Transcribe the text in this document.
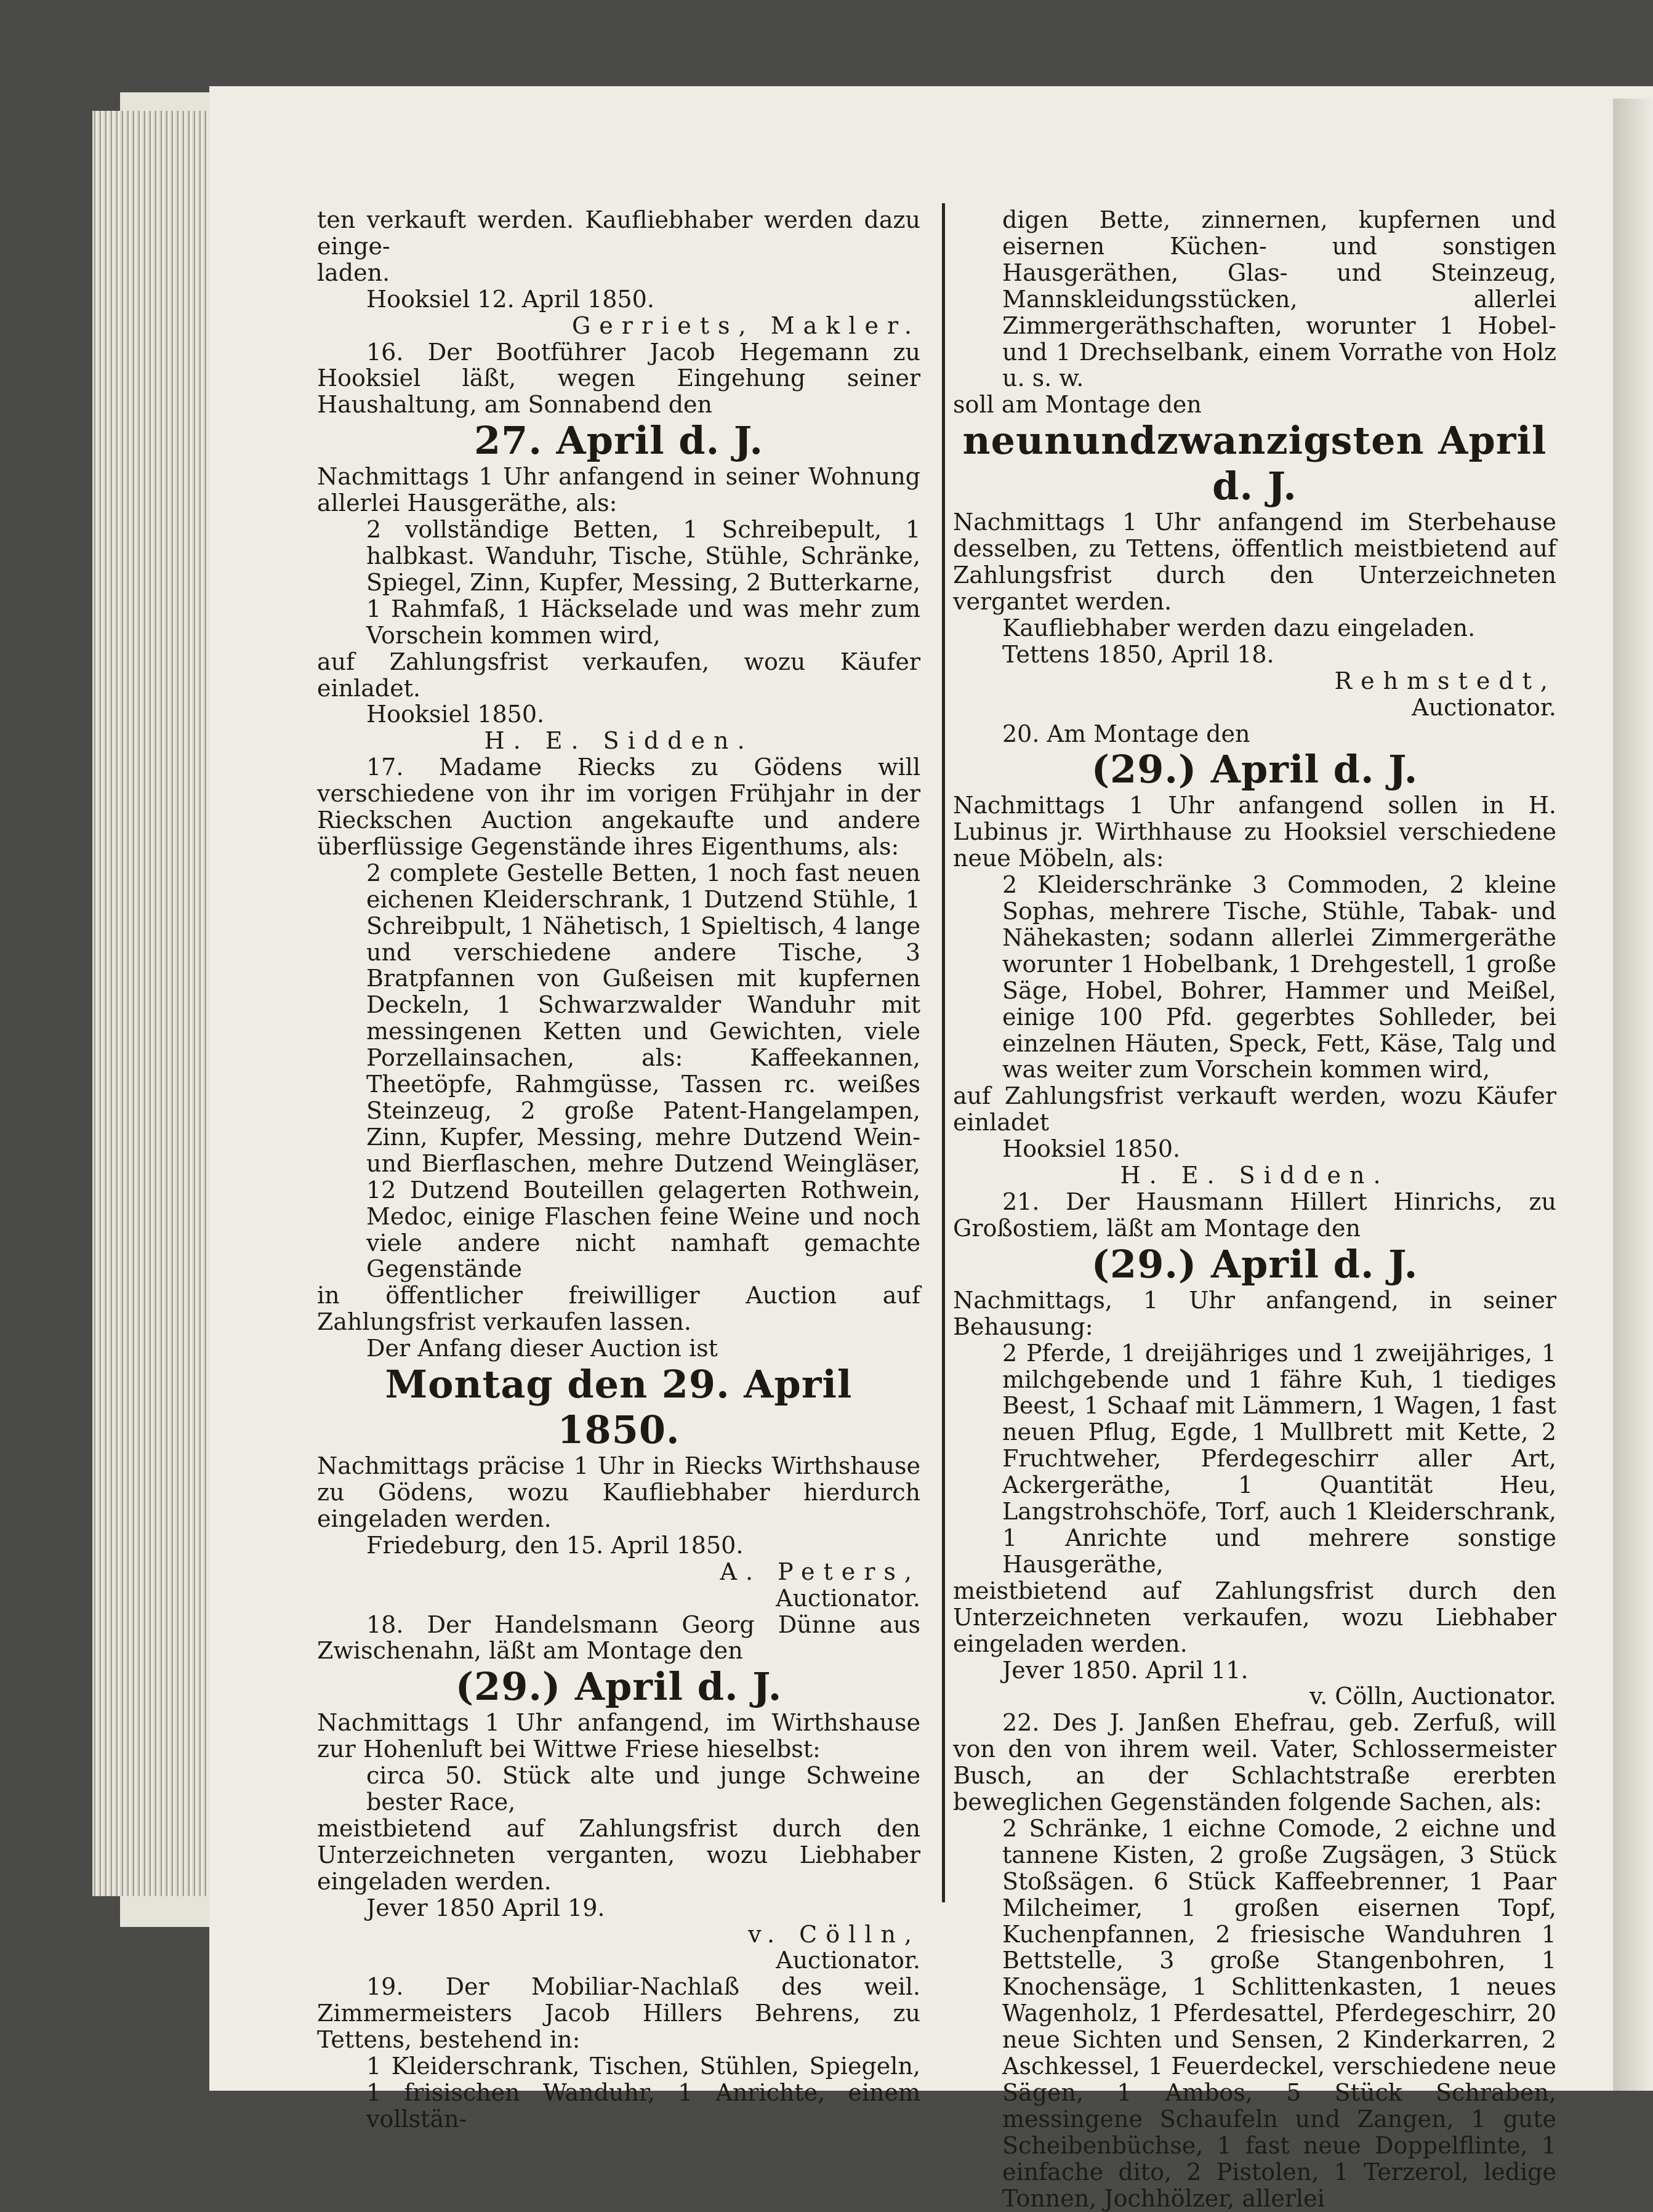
ten verkauft werden. Kaufliebhaber werden dazu einge-

laden.

Hooksiel 12. April 1850.

Gerriets, Makler.

16. Der Bootführer Jacob Hegemann zu Hooksiel läßt, wegen Eingehung seiner Haushaltung, am Sonnabend den

27. April d. J.

Nachmittags 1 Uhr anfangend in seiner Wohnung allerlei Hausgeräthe, als:

2 vollständige Betten, 1 Schreibepult, 1 halbkast. Wanduhr, Tische, Stühle, Schränke, Spiegel, Zinn, Kupfer, Messing, 2 Butterkarne, 1 Rahmfaß, 1 Häckselade und was mehr zum Vorschein kommen wird,

auf Zahlungsfrist verkaufen, wozu Käufer einladet.

Hooksiel 1850.

H. E. Sidden.

17. Madame Riecks zu Gödens will verschiedene von ihr im vorigen Frühjahr in der Rieckschen Auction angekaufte und andere überflüssige Gegenstände ihres Eigenthums, als:

2 complete Gestelle Betten, 1 noch fast neuen eichenen Kleiderschrank, 1 Dutzend Stühle, 1 Schreibpult, 1 Nähetisch, 1 Spieltisch, 4 lange und verschiedene andere Tische, 3 Bratpfannen von Gußeisen mit kupfernen Deckeln, 1 Schwarzwalder Wanduhr mit messingenen Ketten und Gewichten, viele Porzellainsachen, als: Kaffeekannen, Theetöpfe, Rahmgüsse, Tassen rc. weißes Steinzeug, 2 große Patent-Hangelampen, Zinn, Kupfer, Messing, mehre Dutzend Wein- und Bierflaschen, mehre Dutzend Weingläser, 12 Dutzend Bouteillen gelagerten Rothwein, Medoc, einige Flaschen feine Weine und noch viele andere nicht namhaft gemachte Gegenstände

in öffentlicher freiwilliger Auction auf Zahlungsfrist verkaufen lassen.

Der Anfang dieser Auction ist

Montag den 29. April 1850.

Nachmittags präcise 1 Uhr in Riecks Wirthshause zu Gödens, wozu Kaufliebhaber hierdurch eingeladen werden.

Friedeburg, den 15. April 1850.

A. Peters,

Auctionator.

18. Der Handelsmann Georg Dünne aus Zwischenahn, läßt am Montage den

(29.) April d. J.

Nachmittags 1 Uhr anfangend, im Wirthshause zur Hohenluft bei Wittwe Friese hieselbst:

circa 50. Stück alte und junge Schweine bester Race,

meistbietend auf Zahlungsfrist durch den Unterzeichneten verganten, wozu Liebhaber eingeladen werden.

Jever 1850 April 19.

v. Cölln,

Auctionator.

19. Der Mobiliar-Nachlaß des weil. Zimmermeisters Jacob Hillers Behrens, zu Tettens, bestehend in:

1 Kleiderschrank, Tischen, Stühlen, Spiegeln, 1 frisischen Wanduhr, 1 Anrichte, einem vollstän-

digen Bette, zinnernen, kupfernen und eisernen Küchen- und sonstigen Hausgeräthen, Glas- und Steinzeug, Mannskleidungsstücken, allerlei Zimmergeräthschaften, worunter 1 Hobel- und 1 Drechselbank, einem Vorrathe von Holz u. s. w.

soll am Montage den

neunundzwanzigsten April d. J.

Nachmittags 1 Uhr anfangend im Sterbehause desselben, zu Tettens, öffentlich meistbietend auf Zahlungsfrist durch den Unterzeichneten vergantet werden.

Kaufliebhaber werden dazu eingeladen.

Tettens 1850, April 18.

Rehmstedt,

Auctionator.

20. Am Montage den

(29.) April d. J.

Nachmittags 1 Uhr anfangend sollen in H. Lubinus jr. Wirthhause zu Hooksiel verschiedene neue Möbeln, als:

2 Kleiderschränke 3 Commoden, 2 kleine Sophas, mehrere Tische, Stühle, Tabak- und Nähekasten; sodann allerlei Zimmergeräthe worunter 1 Hobelbank, 1 Drehgestell, 1 große Säge, Hobel, Bohrer, Hammer und Meißel, einige 100 Pfd. gegerbtes Sohlleder, bei einzelnen Häuten, Speck, Fett, Käse, Talg und was weiter zum Vorschein kommen wird,

auf Zahlungsfrist verkauft werden, wozu Käufer einladet

Hooksiel 1850.

H. E. Sidden.

21. Der Hausmann Hillert Hinrichs, zu Großostiem, läßt am Montage den

(29.) April d. J.

Nachmittags, 1 Uhr anfangend, in seiner Behausung:

2 Pferde, 1 dreijähriges und 1 zweijähriges, 1 milchgebende und 1 fähre Kuh, 1 tiediges Beest, 1 Schaaf mit Lämmern, 1 Wagen, 1 fast neuen Pflug, Egde, 1 Mullbrett mit Kette, 2 Fruchtweher, Pferdegeschirr aller Art, Ackergeräthe, 1 Quantität Heu, Langstrohschöfe, Torf, auch 1 Kleiderschrank, 1 Anrichte und mehrere sonstige Hausgeräthe,

meistbietend auf Zahlungsfrist durch den Unterzeichneten verkaufen, wozu Liebhaber eingeladen werden.

Jever 1850. April 11.

v. Cölln, Auctionator.

22. Des J. Janßen Ehefrau, geb. Zerfuß, will von den von ihrem weil. Vater, Schlossermeister Busch, an der Schlachtstraße ererbten beweglichen Gegenständen folgende Sachen, als:

2 Schränke, 1 eichne Comode, 2 eichne und tannene Kisten, 2 große Zugsägen, 3 Stück Stoßsägen. 6 Stück Kaffeebrenner, 1 Paar Milcheimer, 1 großen eisernen Topf, Kuchenpfannen, 2 friesische Wanduhren 1 Bettstelle, 3 große Stangenbohren, 1 Knochensäge, 1 Schlittenkasten, 1 neues Wagenholz, 1 Pferdesattel, Pferdegeschirr, 20 neue Sichten und Sensen, 2 Kinderkarren, 2 Aschkessel, 1 Feuerdeckel, verschiedene neue Sägen, 1 Ambos, 5 Stück Schraben, messingene Schaufeln und Zangen, 1 gute Scheibenbüchse, 1 fast neue Doppelflinte, 1 einfache dito, 2 Pistolen, 1 Terzerol, ledige Tonnen, Jochhölzer, allerlei
